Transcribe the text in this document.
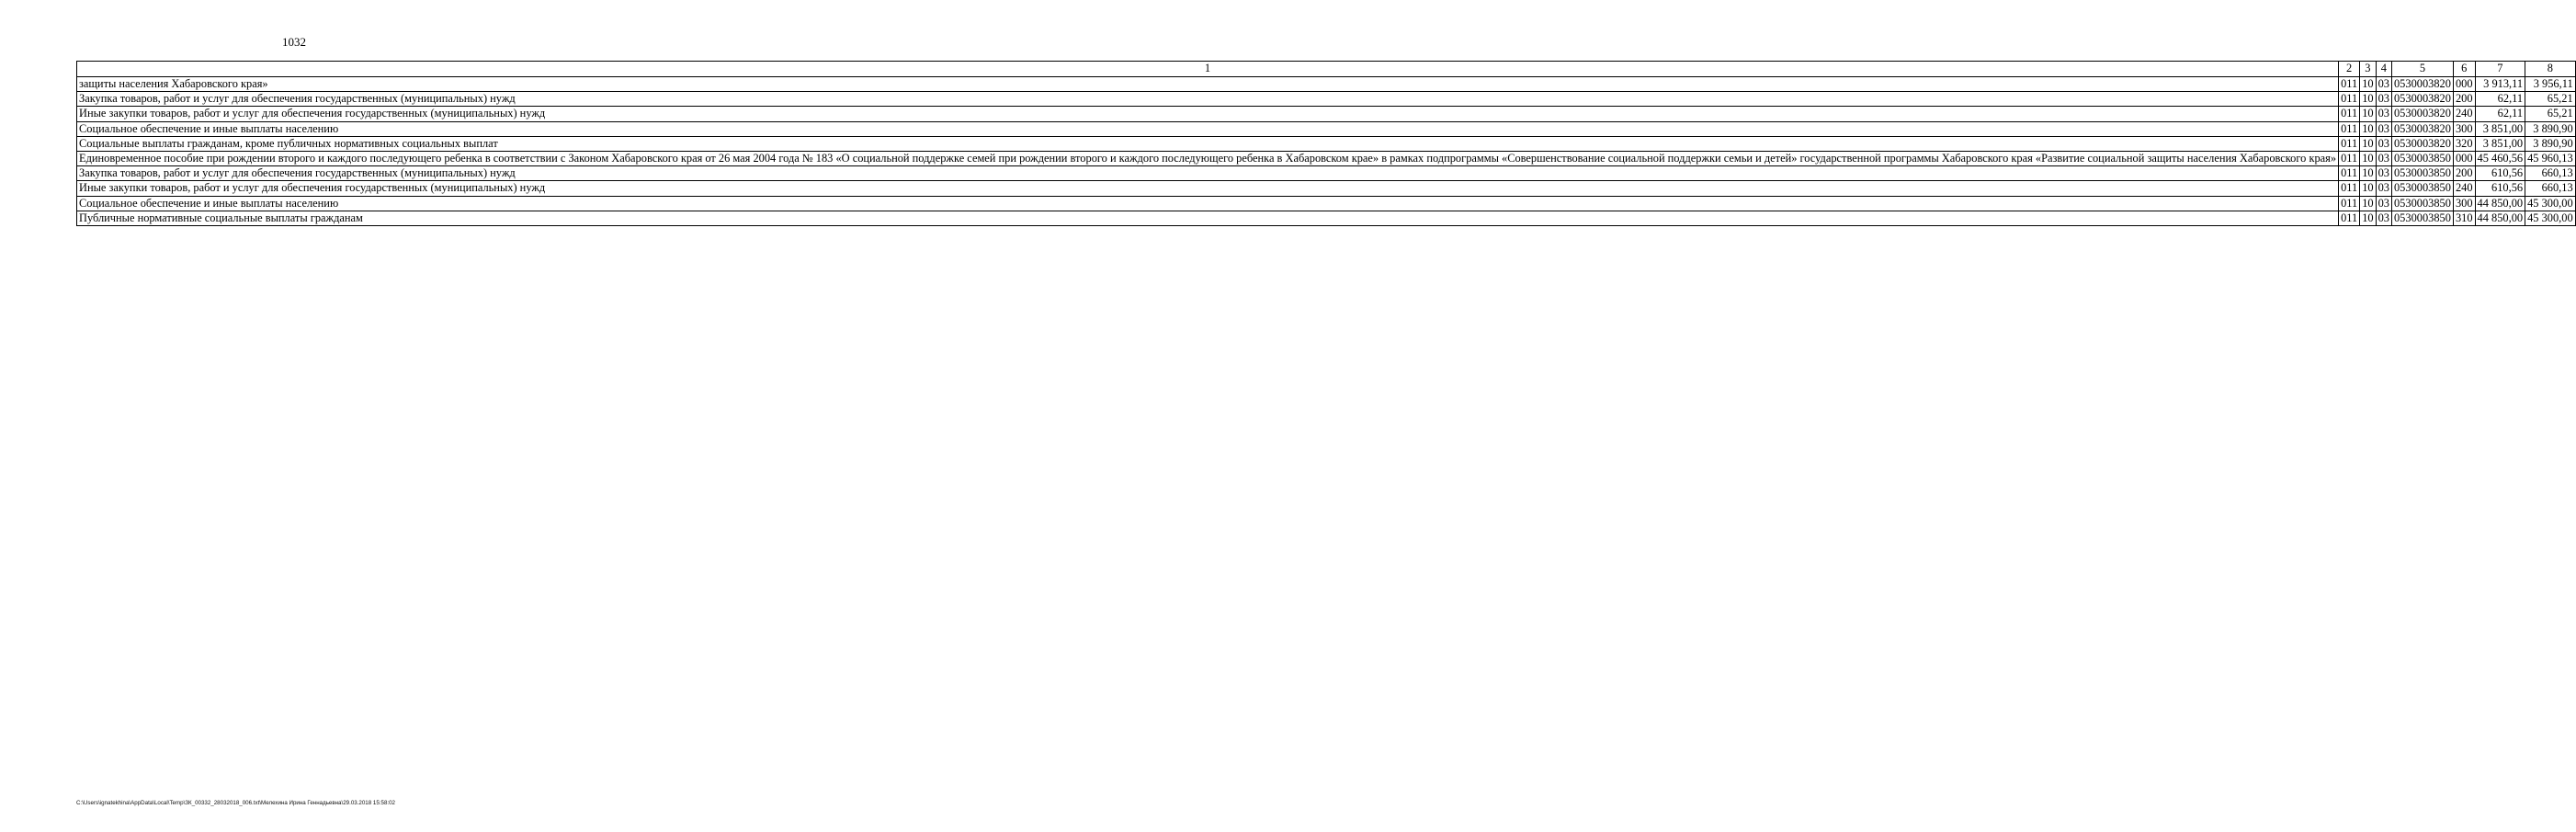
1032
1	2	3	4	5	6	7	8
защиты населения Хабаровского края»	011	10	03	0530003820	000	3 913,11	3 956,11
Закупка товаров, работ и услуг для обеспечения государственных (муниципальных) нужд	011	10	03	0530003820	200	62,11	65,21
Иные закупки товаров, работ и услуг для обеспечения государственных (муниципальных) нужд	011	10	03	0530003820	240	62,11	65,21
Социальное обеспечение и иные выплаты населению	011	10	03	0530003820	300	3 851,00	3 890,90
Социальные выплаты гражданам, кроме публичных нормативных социальных выплат	011	10	03	0530003820	320	3 851,00	3 890,90
Единовременное пособие при рождении второго и каждого последующего ребенка в соответствии с Законом Хабаровского края от 26 мая 2004 года № 183 «О социальной поддержке семей при рождении второго и каждого последующего ребенка в Хабаровском крае» в рамках подпрограммы «Совершенствование социальной поддержки семьи и детей» государственной программы Хабаровского края «Развитие социальной защиты населения Хабаровского края»	011	10	03	0530003850	000	45 460,56	45 960,13
Закупка товаров, работ и услуг для обеспечения государственных (муниципальных) нужд	011	10	03	0530003850	200	610,56	660,13
Иные закупки товаров, работ и услуг для обеспечения государственных (муниципальных) нужд	011	10	03	0530003850	240	610,56	660,13
Социальное обеспечение и иные выплаты населению	011	10	03	0530003850	300	44 850,00	45 300,00
Публичные нормативные социальные выплаты гражданам	011	10	03	0530003850	310	44 850,00	45 300,00
C:\Users\ignatekhina\AppData\Local\Temp\ЗК_00332_28032018_006.txt\Мелехина Ирина Геннадьевна\29.03.2018 15:58:02
